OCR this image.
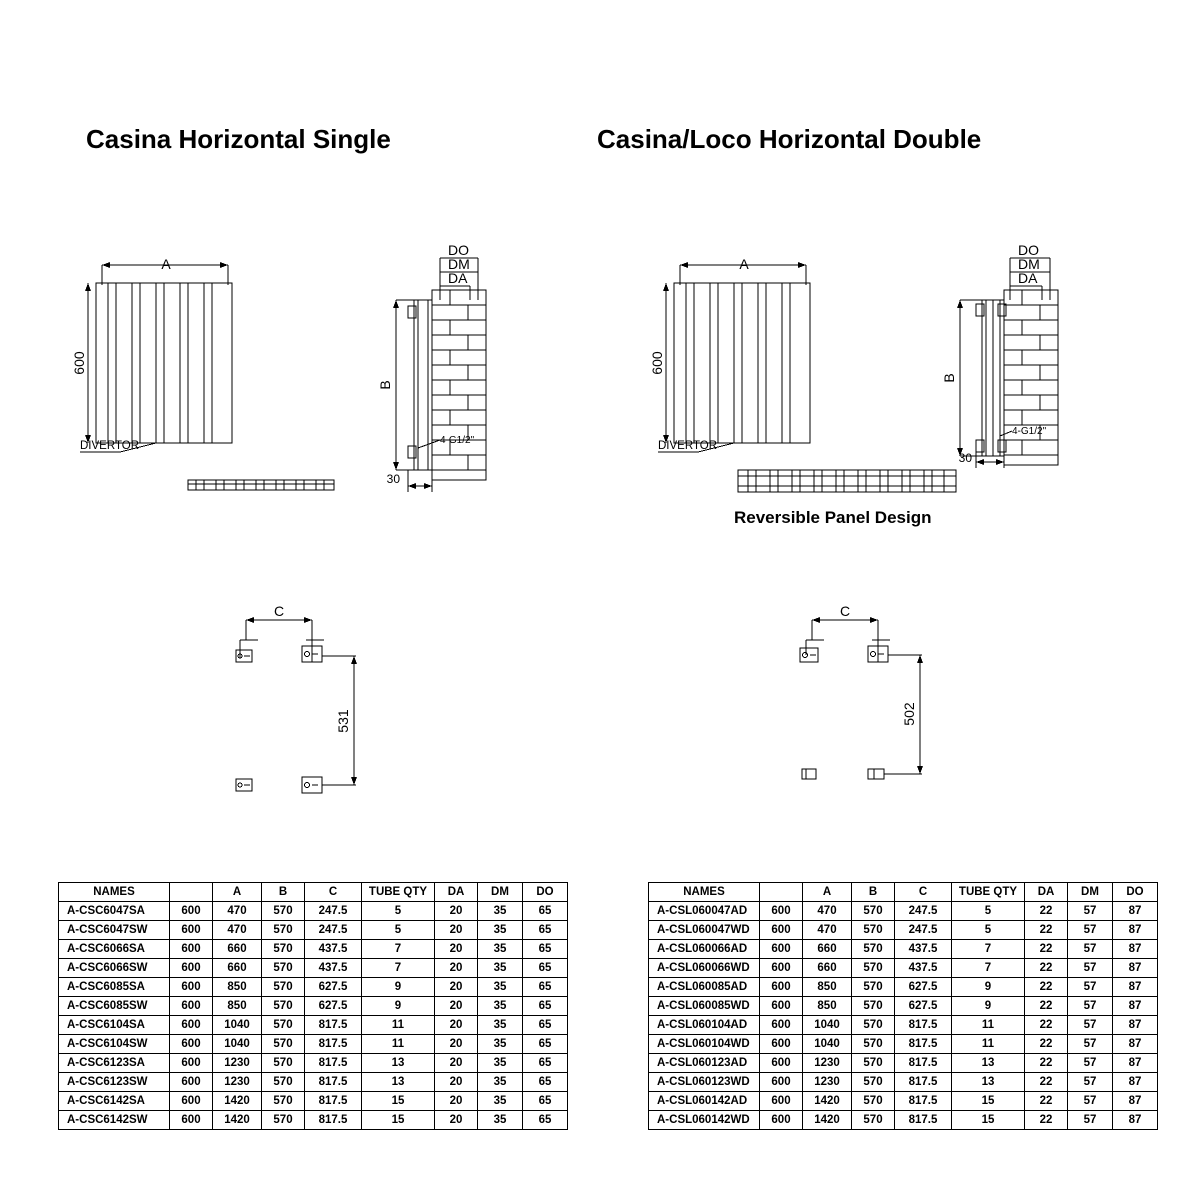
Casina Horizontal Single	Casina/Loco Horizontal Double
Reversible Panel Design
A
600
DIVERTOR
DO
DM
DA
B
4-G1/2"
30
A
600
DIVERTOR
DO
DM
DA
B
4-G1/2"
30
C
531
C
502
NAMES		A	B	C	TUBE QTY	DA	DM	DO
A-CSC6047SA	600	470	570	247.5	5	20	35	65
A-CSC6047SW	600	470	570	247.5	5	20	35	65
A-CSC6066SA	600	660	570	437.5	7	20	35	65
A-CSC6066SW	600	660	570	437.5	7	20	35	65
A-CSC6085SA	600	850	570	627.5	9	20	35	65
A-CSC6085SW	600	850	570	627.5	9	20	35	65
A-CSC6104SA	600	1040	570	817.5	11	20	35	65
A-CSC6104SW	600	1040	570	817.5	11	20	35	65
A-CSC6123SA	600	1230	570	817.5	13	20	35	65
A-CSC6123SW	600	1230	570	817.5	13	20	35	65
A-CSC6142SA	600	1420	570	817.5	15	20	35	65
A-CSC6142SW	600	1420	570	817.5	15	20	35	65
NAMES		A	B	C	TUBE QTY	DA	DM	DO
A-CSL060047AD	600	470	570	247.5	5	22	57	87
A-CSL060047WD	600	470	570	247.5	5	22	57	87
A-CSL060066AD	600	660	570	437.5	7	22	57	87
A-CSL060066WD	600	660	570	437.5	7	22	57	87
A-CSL060085AD	600	850	570	627.5	9	22	57	87
A-CSL060085WD	600	850	570	627.5	9	22	57	87
A-CSL060104AD	600	1040	570	817.5	11	22	57	87
A-CSL060104WD	600	1040	570	817.5	11	22	57	87
A-CSL060123AD	600	1230	570	817.5	13	22	57	87
A-CSL060123WD	600	1230	570	817.5	13	22	57	87
A-CSL060142AD	600	1420	570	817.5	15	22	57	87
A-CSL060142WD	600	1420	570	817.5	15	22	57	87
